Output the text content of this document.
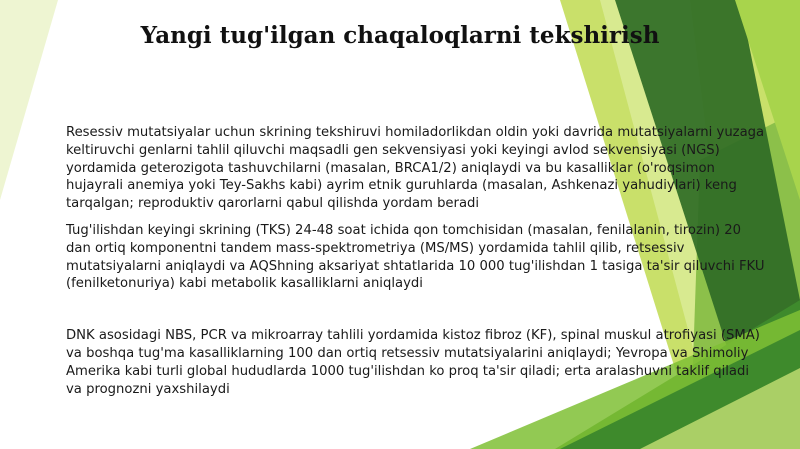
Yangi tug'ilgan chaqaloqlarni tekshirish

Resessiv mutatsiyalar uchun skrining tekshiruvi homiladorlikdan oldin yoki davrida mutatsiyalarni yuzaga keltiruvchi genlarni tahlil qiluvchi maqsadli gen sekvensiyasi yoki keyingi avlod sekvensiyasi (NGS) yordamida geterozigota tashuvchilarni (masalan, BRCA1/2) aniqlaydi va bu kasalliklar (o'roqsimon hujayrali anemiya yoki Tey-Sakhs kabi) ayrim etnik guruhlarda (masalan, Ashkenazi yahudiylari) keng tarqalgan; reproduktiv qarorlarni qabul qilishda yordam beradi

Tug'ilishdan keyingi skrining (TKS) 24-48 soat ichida qon tomchisidan (masalan, fenilalanin, tirozin) 20 dan ortiq komponentni tandem mass-spektrometriya (MS/MS) yordamida tahlil qilib, retsessiv mutatsiyalarni aniqlaydi va AQShning aksariyat shtatlarida 10 000 tug'ilishdan 1 tasiga ta'sir qiluvchi FKU (fenilketonuriya) kabi metabolik kasalliklarni aniqlaydi

DNK asosidagi NBS, PCR va mikroarray tahlili yordamida kistoz fibroz (KF), spinal muskul atrofiyasi (SMA) va boshqa tug'ma kasalliklarning 100 dan ortiq retsessiv mutatsiyalarini aniqlaydi; Yevropa va Shimoliy Amerika kabi turli global hududlarda 1000 tug'ilishdan ko proq ta'sir qiladi; erta aralashuvni taklif qiladi va prognozni yaxshilaydi
